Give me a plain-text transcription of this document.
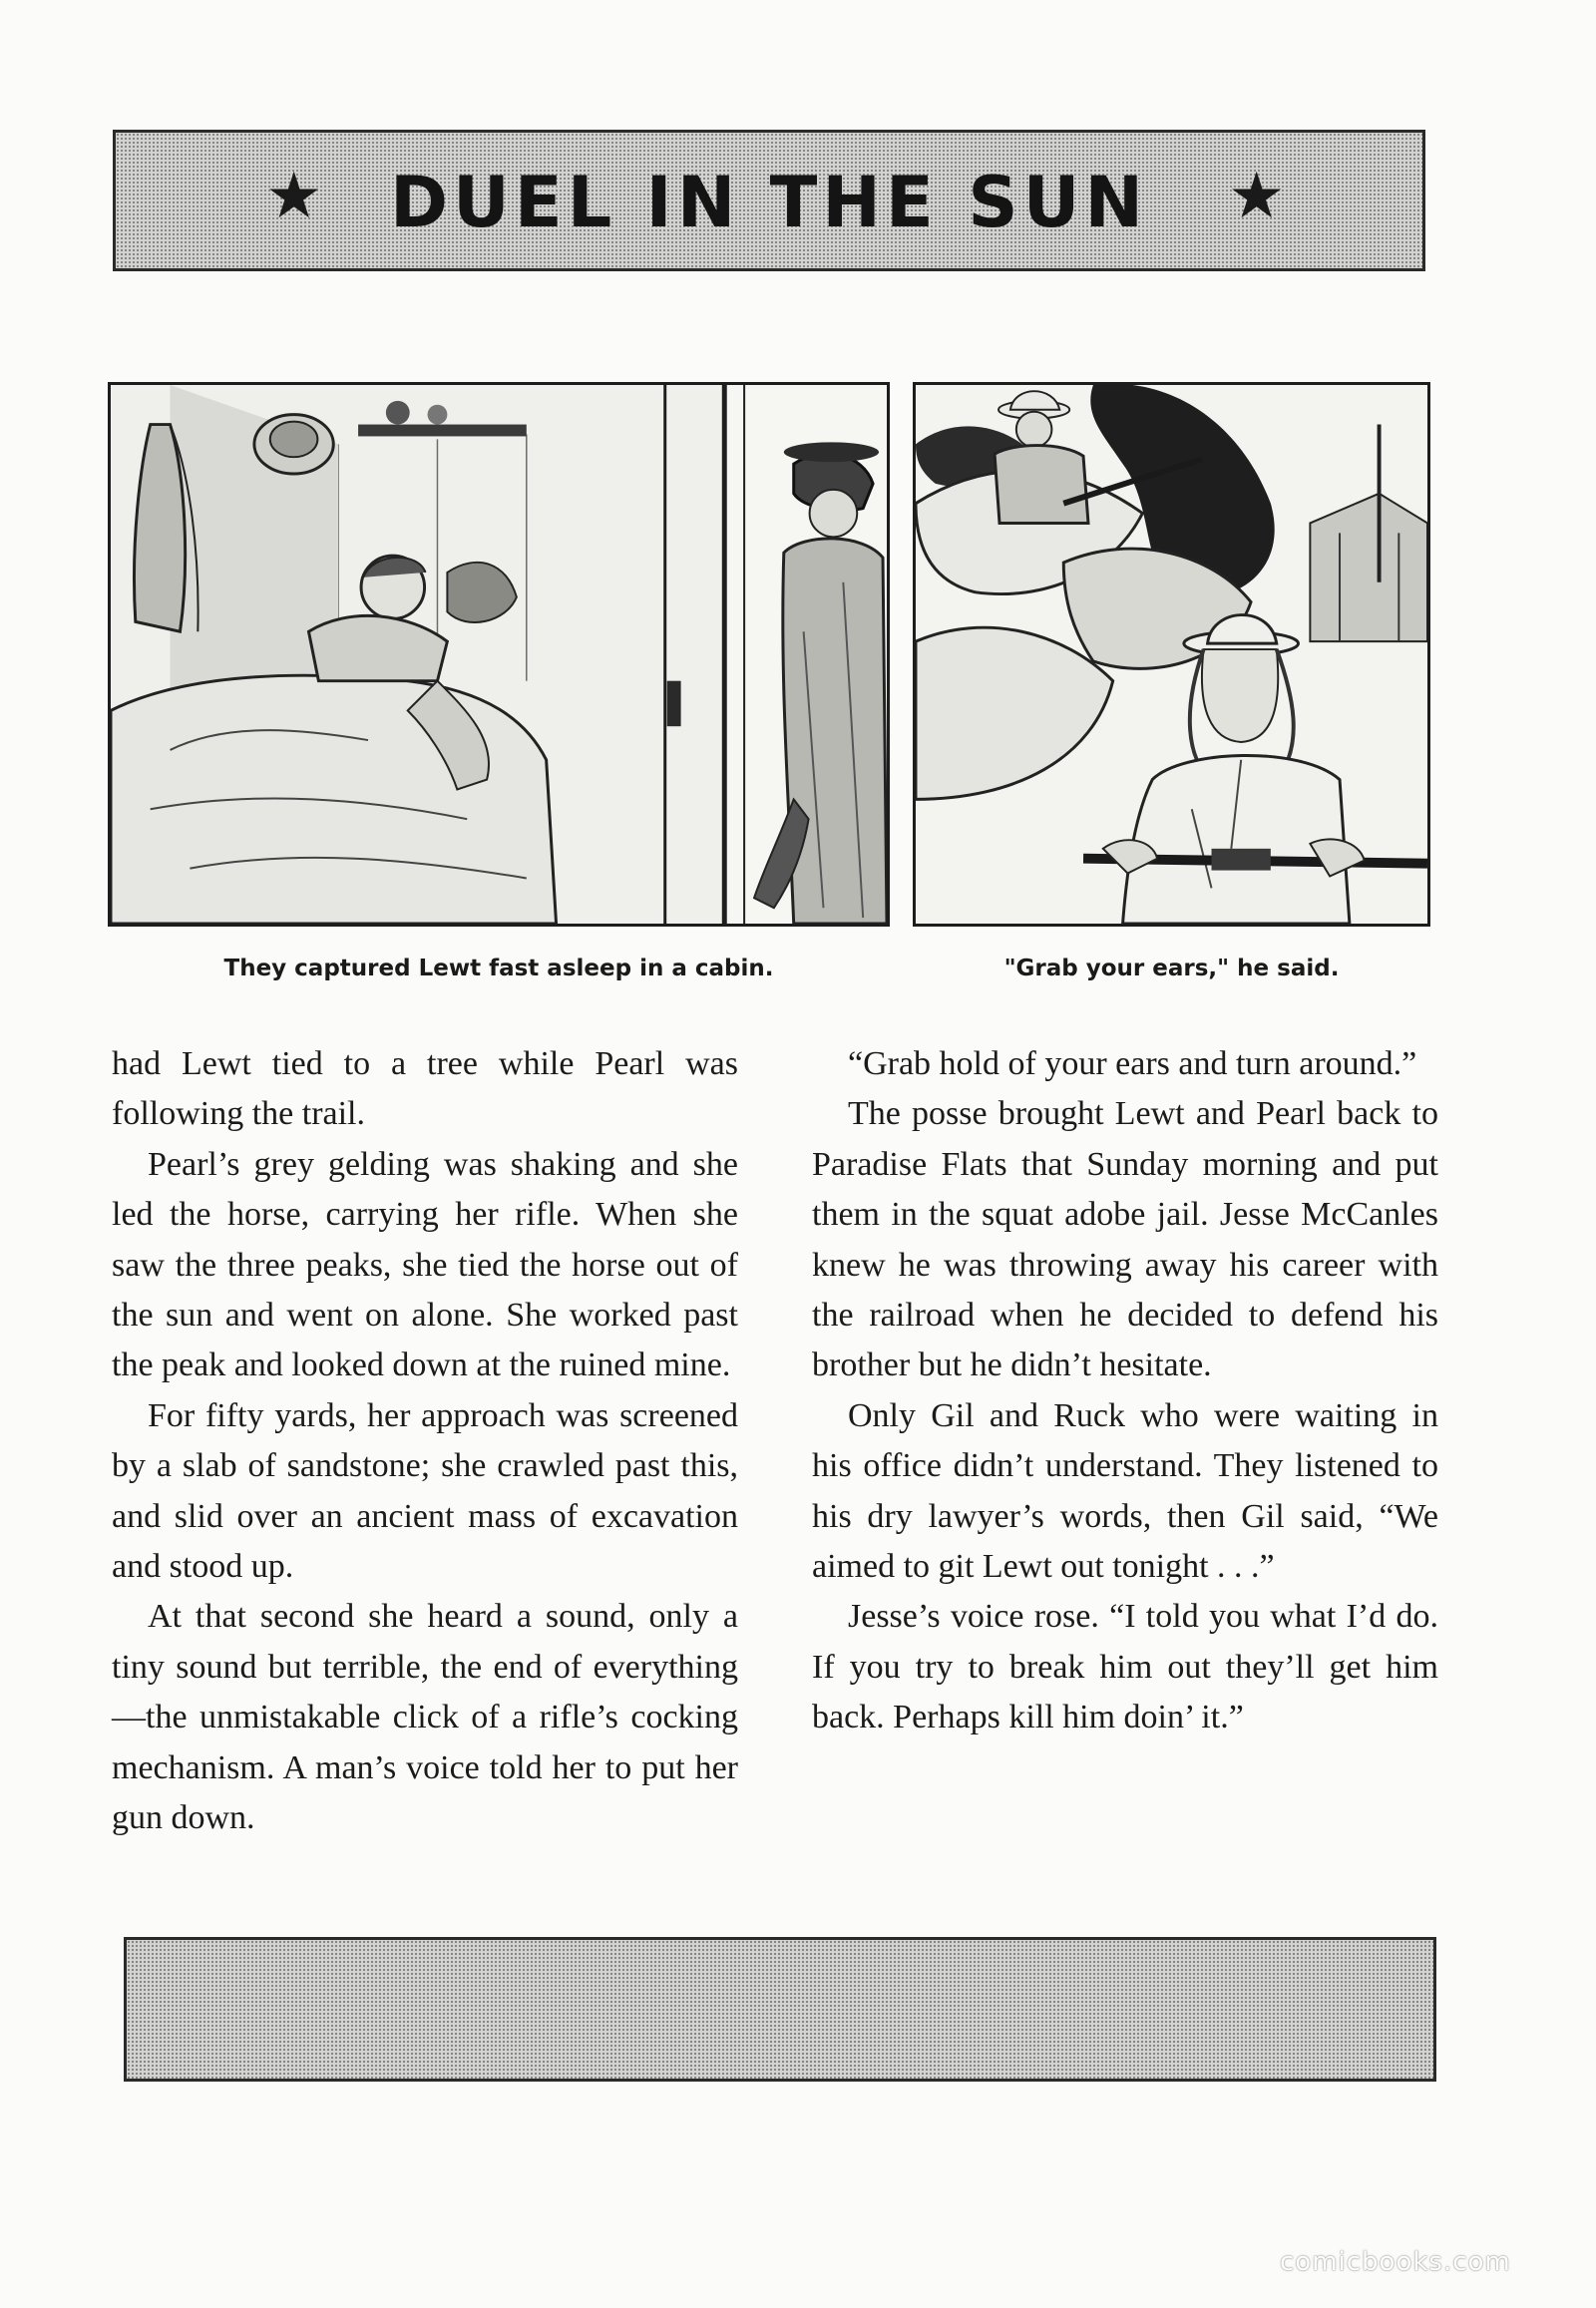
★ DUEL IN THE SUN	★
They captured Lewt fast asleep in a cabin.	"Grab your ears," he said.

had Lewt tied to a tree while Pearl was following the trail.

Pearl’s grey gelding was shaking and she led the horse, carrying her rifle. When she saw the three peaks, she tied the horse out of the sun and went on alone. She worked past the peak and looked down at the ruined mine.

For fifty yards, her approach was screened by a slab of sandstone; she crawled past this, and slid over an ancient mass of excavation and stood up.

At that second she heard a sound, only a tiny sound but terrible, the end of everything—the unmistakable click of a rifle’s cocking mechanism. A man’s voice told her to put her gun down.

“Grab hold of your ears and turn around.”

The posse brought Lewt and Pearl back to Paradise Flats that Sunday morning and put them in the squat adobe jail. Jesse McCanles knew he was throwing away his career with the railroad when he decided to defend his brother but he didn’t hesitate.

Only Gil and Ruck who were waiting in his office didn’t understand. They listened to his dry lawyer’s words, then Gil said, “We aimed to git Lewt out tonight . . .”

Jesse’s voice rose. “I told you what I’d do. If you try to break him out they’ll get him back. Perhaps kill him doin’ it.”

comicbooks.com
